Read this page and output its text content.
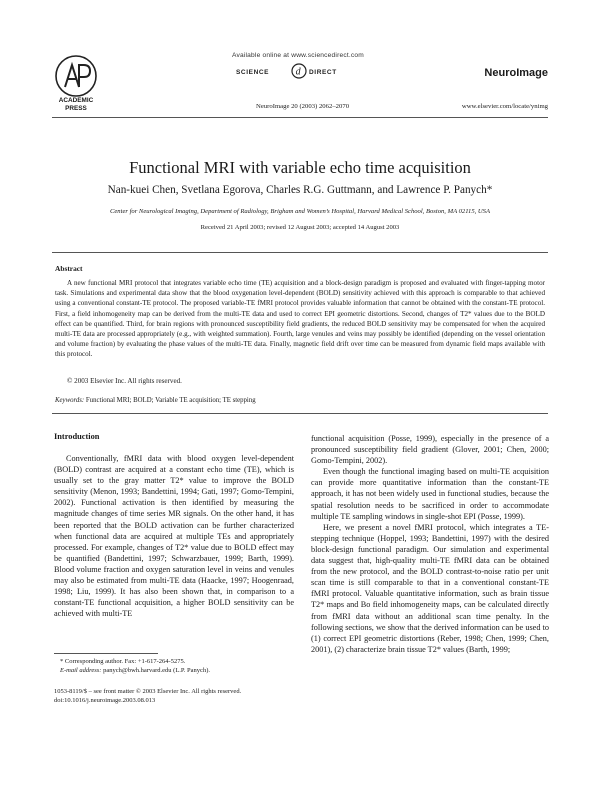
ACADEMIC
PRESS
Available online at www.sciencedirect.com
SCIENCE	d DIRECT	NeuroImage
NeuroImage 20 (2003) 2062–2070	www.elsevier.com/locate/ynimg
Functional MRI with variable echo time acquisition
Nan-kuei Chen, Svetlana Egorova, Charles R.G. Guttmann, and Lawrence P. Panych*
Center for Neurological Imaging, Department of Radiology, Brigham and Women’s Hospital, Harvard Medical School, Boston, MA 02115, USA
Received 21 April 2003; revised 12 August 2003; accepted 14 August 2003
Abstract
A new functional MRI protocol that integrates variable echo time (TE) acquisition and a block-design paradigm is proposed and evaluated with finger-tapping motor task. Simulations and experimental data show that the blood oxygenation level-dependent (BOLD) sensitivity achieved with this approach is comparable to that achieved using a conventional constant-TE protocol. The proposed variable-TE fMRI protocol provides valuable information that cannot be obtained with the constant-TE protocol. First, a field inhomogeneity map can be derived from the multi-TE data and used to correct EPI geometric distortions. Second, changes of T2* values due to the BOLD effect can be quantified. Third, for brain regions with pronounced susceptibility field gradients, the reduced BOLD sensitivity may be compensated for when the acquired multi-TE data are processed appropriately (e.g., with weighted summation). Fourth, large venules and veins may possibly be identified (depending on the vessel orientation and volume fraction) by evaluating the phase values of the multi-TE data. Finally, magnetic field drift over time can be measured from dynamic field maps available with this protocol.
© 2003 Elsevier Inc. All rights reserved.
Keywords: Functional MRI; BOLD; Variable TE acquisition; TE stepping
Introduction

Conventionally, fMRI data with blood oxygen level-dependent (BOLD) contrast are acquired at a constant echo time (TE), which is usually set to the gray matter T2* value to improve the BOLD sensitivity (Menon, 1993; Bandettini, 1994; Gati, 1997; Gomo-Tempini, 2002). Functional activation is then identified by measuring the magnitude changes of time series MR signals. On the other hand, it has been reported that the BOLD activation can be further characterized when functional data are acquired at multiple TEs and appropriately processed. For example, changes of T2* value due to BOLD effect may be quantified (Bandettini, 1997; Schwarzbauer, 1999; Barth, 1999). Blood volume fraction and oxygen saturation level in veins and venules may also be estimated from multi-TE data (Haacke, 1997; Hoogenraad, 1998; Liu, 1999). It has also been shown that, in comparison to a constant-TE functional acquisition, a higher BOLD sensitivity can be achieved with multi-TE

functional acquisition (Posse, 1999), especially in the presence of a pronounced susceptibility field gradient (Glover, 2001; Chen, 2000; Gomo-Tempini, 2002).

Even though the functional imaging based on multi-TE acquisition can provide more quantitative information than the constant-TE approach, it has not been widely used in functional studies, because the spatial resolution needs to be sacrificed in order to accommodate multiple TE sampling windows in single-shot EPI (Posse, 1999).

Here, we present a novel fMRI protocol, which integrates a TE-stepping technique (Hoppel, 1993; Bandettini, 1997) with the desired block-design functional paradigm. Our simulation and experimental data suggest that, high-quality multi-TE fMRI data can be obtained from the new protocol, and the BOLD contrast-to-noise ratio per unit scan time is still comparable to that in a conventional constant-TE fMRI protocol. Valuable quantitative information, such as brain tissue T2* maps and Bo field inhomogeneity maps, can be calculated directly from fMRI data without an additional scan time penalty. In the following sections, we show that the derived information can be used to (1) correct EPI geometric distortions (Reber, 1998; Chen, 1999; Chen, 2001), (2) characterize brain tissue T2* values (Barth, 1999;

* Corresponding author. Fax: +1-617-264-5275.
E-mail address: panych@bwh.harvard.edu (L.P. Panych).
1053-8119/$ – see front matter © 2003 Elsevier Inc. All rights reserved.
doi:10.1016/j.neuroimage.2003.08.013
